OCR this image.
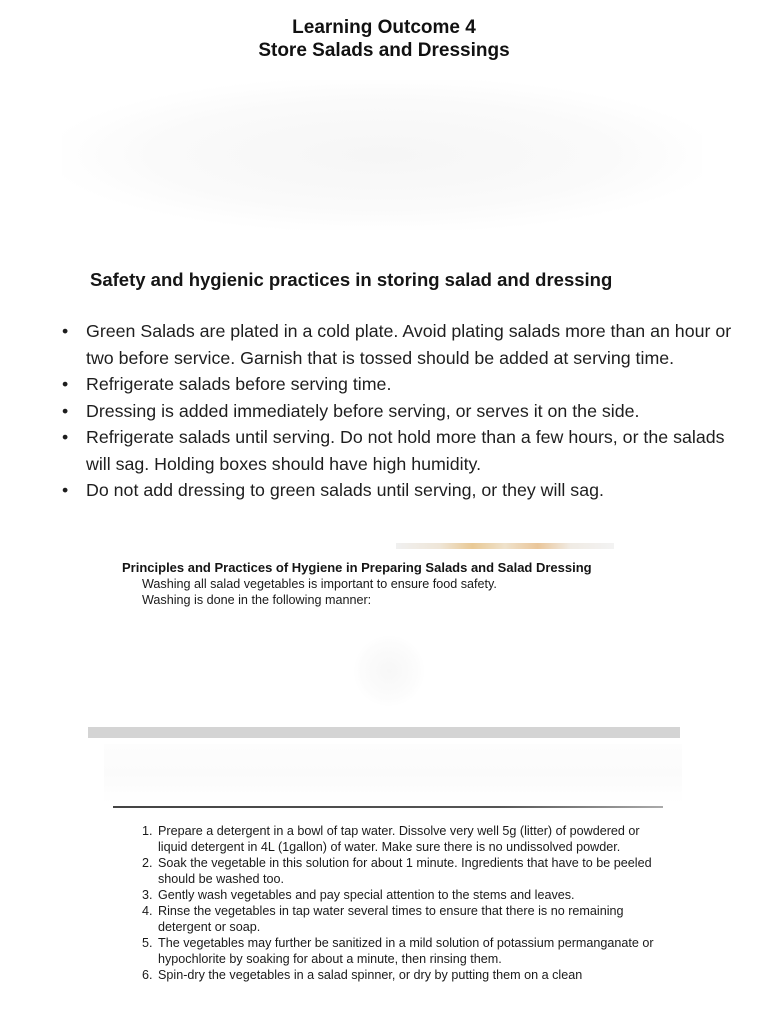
Learning Outcome 4
Store Salads and Dressings
Safety and hygienic practices in storing salad and dressing
• Green Salads are plated in a cold plate. Avoid plating salads more than an hour or two before service. Garnish that is tossed should be added at serving time.
• Refrigerate salads before serving time.
• Dressing is added immediately before serving, or serves it on the side.
• Refrigerate salads until serving. Do not hold more than a few hours, or the salads will sag. Holding boxes should have high humidity.
• Do not add dressing to green salads until serving, or they will sag.
Principles and Practices of Hygiene in Preparing Salads and Salad Dressing
Washing all salad vegetables is important to ensure food safety.
Washing is done in the following manner:
1. Prepare a detergent in a bowl of tap water. Dissolve very well 5g (litter) of powdered or liquid detergent in 4L (1gallon) of water. Make sure there is no undissolved powder.
2. Soak the vegetable in this solution for about 1 minute. Ingredients that have to be peeled should be washed too.
3. Gently wash vegetables and pay special attention to the stems and leaves.
4. Rinse the vegetables in tap water several times to ensure that there is no remaining detergent or soap.
5. The vegetables may further be sanitized in a mild solution of potassium permanganate or hypochlorite by soaking for about a minute, then rinsing them.
6. Spin-dry the vegetables in a salad spinner, or dry by putting them on a clean
